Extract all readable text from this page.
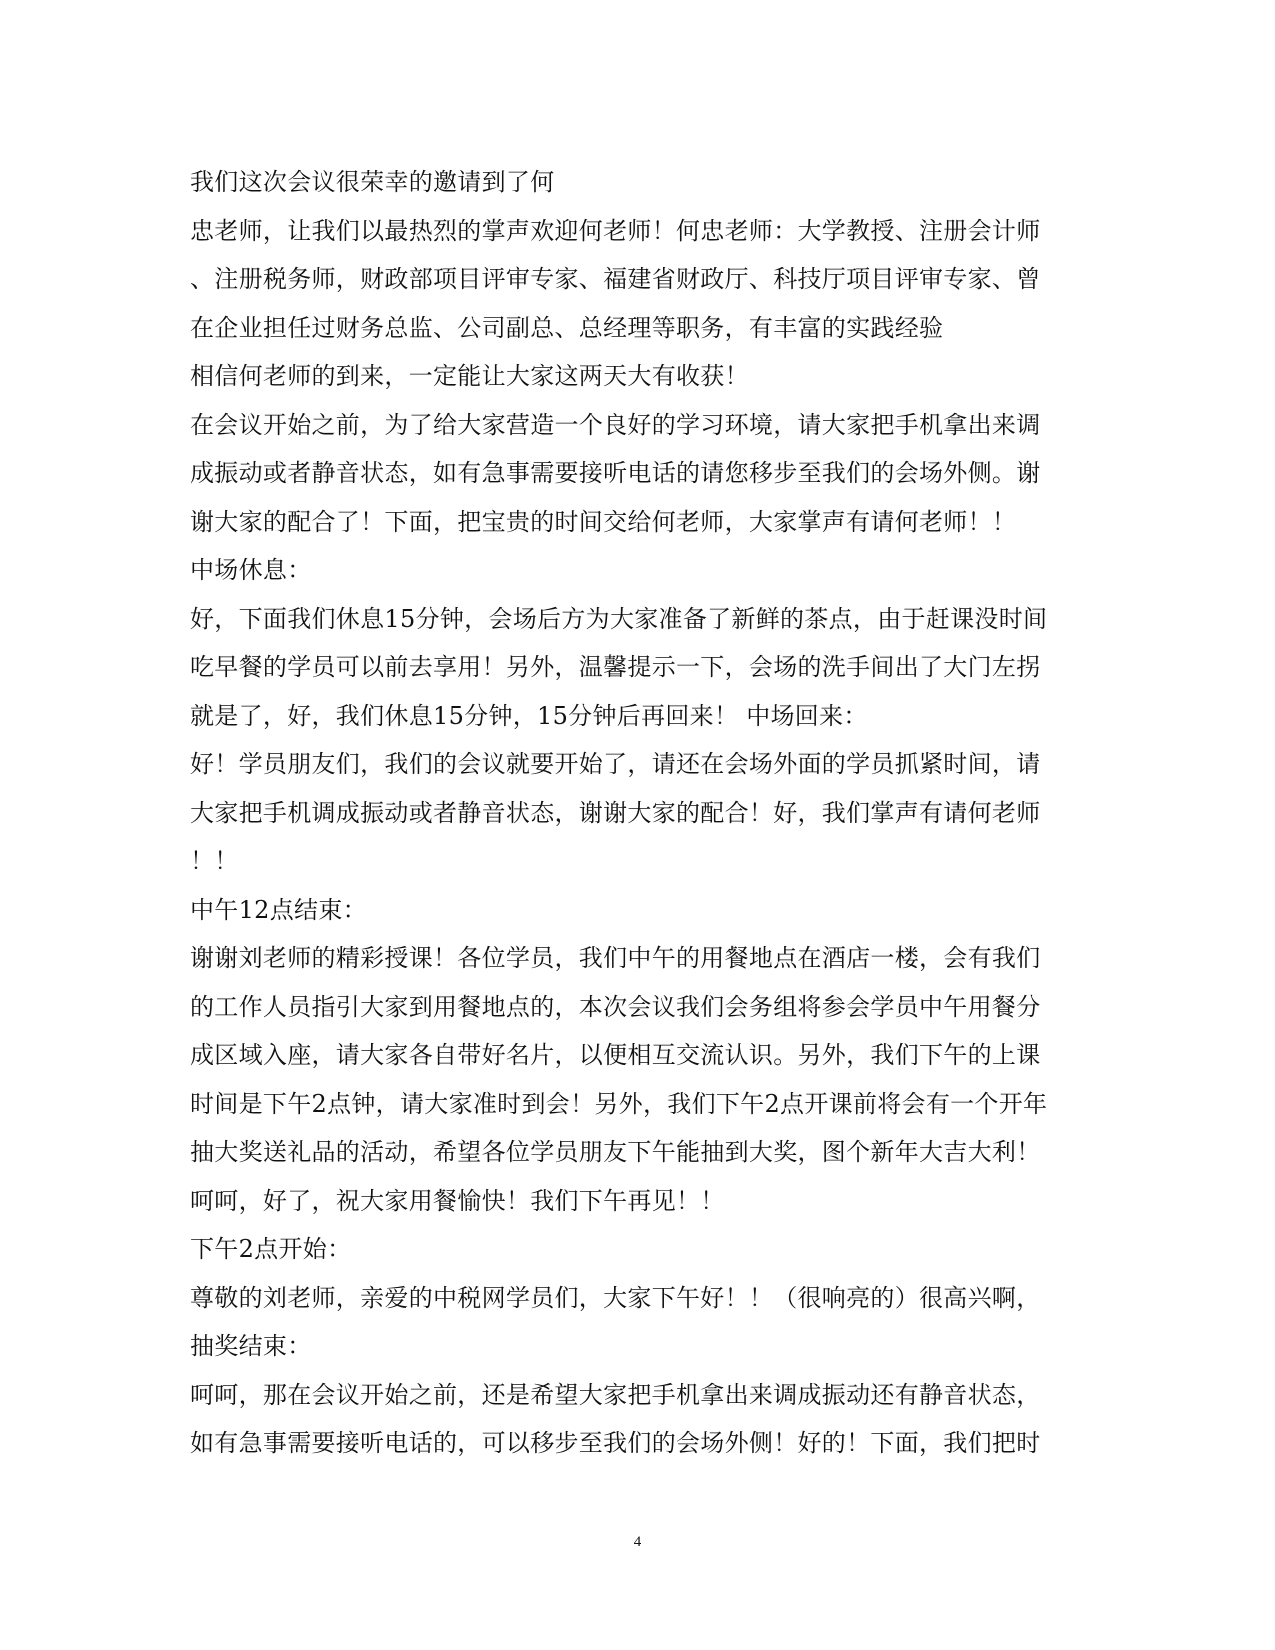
我们这次会议很荣幸的邀请到了何
忠老师，让我们以最热烈的掌声欢迎何老师！何忠老师：大学教授、注册会计师
、注册税务师，财政部项目评审专家、福建省财政厅、科技厅项目评审专家、曾
在企业担任过财务总监、公司副总、总经理等职务，有丰富的实践经验
相信何老师的到来，一定能让大家这两天大有收获！
在会议开始之前，为了给大家营造一个良好的学习环境，请大家把手机拿出来调
成振动或者静音状态，如有急事需要接听电话的请您移步至我们的会场外侧。谢
谢大家的配合了！下面，把宝贵的时间交给何老师，大家掌声有请何老师！！
中场休息：
好，下面我们休息15分钟，会场后方为大家准备了新鲜的茶点，由于赶课没时间
吃早餐的学员可以前去享用！另外，温馨提示一下，会场的洗手间出了大门左拐
就是了，好，我们休息15分钟，15分钟后再回来！ 中场回来：
好！学员朋友们，我们的会议就要开始了，请还在会场外面的学员抓紧时间，请
大家把手机调成振动或者静音状态，谢谢大家的配合！好，我们掌声有请何老师
！！
中午12点结束：
谢谢刘老师的精彩授课！各位学员，我们中午的用餐地点在酒店一楼，会有我们
的工作人员指引大家到用餐地点的，本次会议我们会务组将参会学员中午用餐分
成区域入座，请大家各自带好名片，以便相互交流认识。另外，我们下午的上课
时间是下午2点钟，请大家准时到会！另外，我们下午2点开课前将会有一个开年
抽大奖送礼品的活动，希望各位学员朋友下午能抽到大奖，图个新年大吉大利！
呵呵，好了，祝大家用餐愉快！我们下午再见！！
下午2点开始：
尊敬的刘老师，亲爱的中税网学员们，大家下午好！！（很响亮的）很高兴啊，
抽奖结束：
呵呵，那在会议开始之前，还是希望大家把手机拿出来调成振动还有静音状态，
如有急事需要接听电话的，可以移步至我们的会场外侧！好的！下面，我们把时
4
